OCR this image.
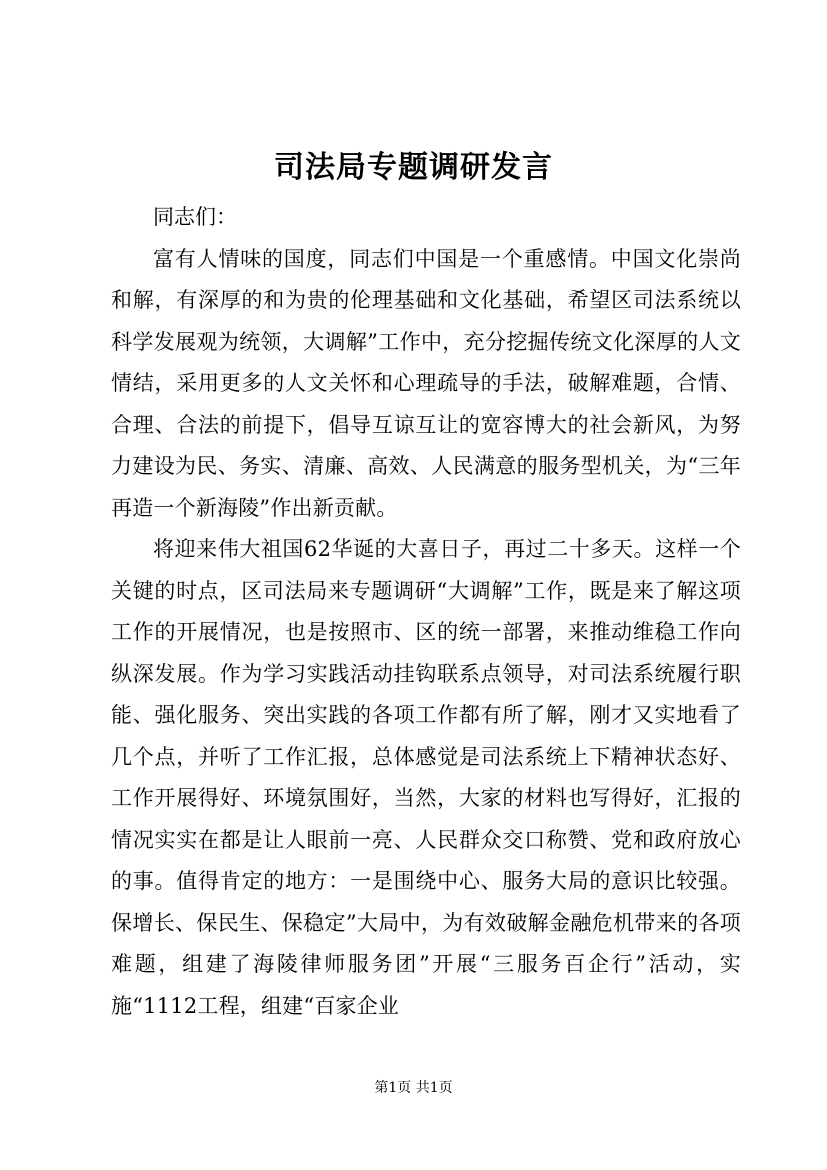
司法局专题调研发言

同志们：

富有人情味的国度，同志们中国是一个重感情。中国文化崇尚和解，有深厚的和为贵的伦理基础和文化基础，希望区司法系统以科学发展观为统领，大调解”工作中，充分挖掘传统文化深厚的人文情结，采用更多的人文关怀和心理疏导的手法，破解难题，合情、合理、合法的前提下，倡导互谅互让的宽容博大的社会新风，为努力建设为民、务实、清廉、高效、人民满意的服务型机关，为“三年再造一个新海陵”作出新贡献。

将迎来伟大祖国62华诞的大喜日子，再过二十多天。这样一个关键的时点，区司法局来专题调研“大调解”工作，既是来了解这项工作的开展情况，也是按照市、区的统一部署，来推动维稳工作向纵深发展。作为学习实践活动挂钩联系点领导，对司法系统履行职能、强化服务、突出实践的各项工作都有所了解，刚才又实地看了几个点，并听了工作汇报，总体感觉是司法系统上下精神状态好、工作开展得好、环境氛围好，当然，大家的材料也写得好，汇报的情况实实在都是让人眼前一亮、人民群众交口称赞、党和政府放心的事。值得肯定的地方：一是围绕中心、服务大局的意识比较强。保增长、保民生、保稳定”大局中，为有效破解金融危机带来的各项难题，组建了海陵律师服务团”开展“三服务百企行”活动，实施“1112工程，组建“百家企业

第1页 共1页
